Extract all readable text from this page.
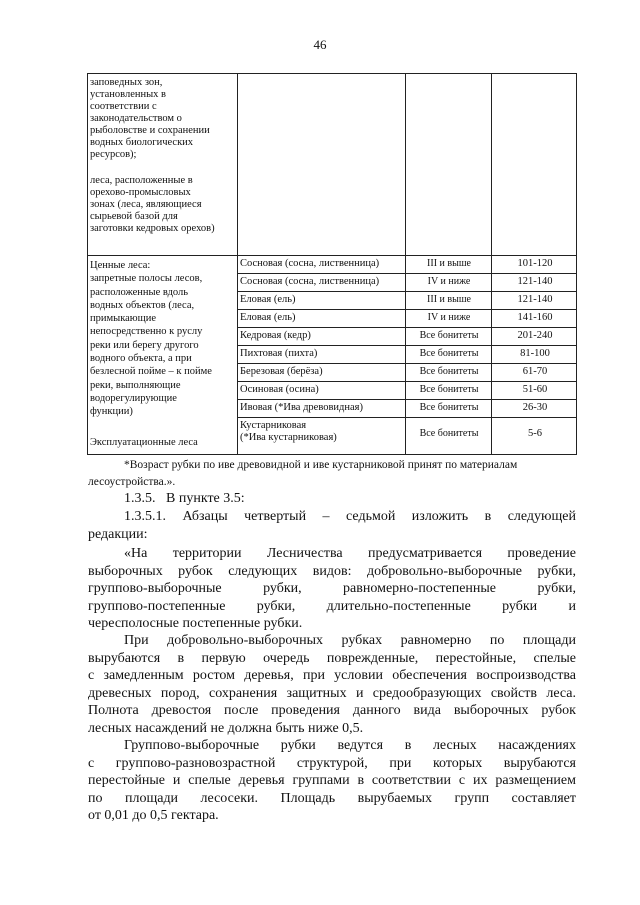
46
заповедных зон,
установленных в
соответствии с
законодательством о
рыболовстве и сохранении
водных биологических
ресурсов);
леса, расположенные в
орехово-промысловых
зонах (леса, являющиеся
сырьевой базой для
заготовки кедровых орехов)
Ценные леса:
запретные полосы лесов,
расположенные вдоль
водных объектов (леса,
примыкающие
непосредственно к руслу
реки или берегу другого
водного объекта, а при
безлесной пойме – к пойме
реки, выполняющие
водорегулирующие
функции)
Эксплуатационные леса
Сосновая (сосна, лиственница)	III и выше	101-120
Сосновая (сосна, лиственница)	IV и ниже	121-140
Еловая (ель)	III и выше	121-140
Еловая (ель)	IV и ниже	141-160
Кедровая (кедр)	Все бонитеты	201-240
Пихтовая (пихта)	Все бонитеты	81-100
Березовая (берёза)	Все бонитеты	61-70
Осиновая (осина)	Все бонитеты	51-60
Ивовая (*Ива древовидная)	Все бонитеты	26-30
Кустарниковая
(*Ива кустарниковая)	Все бонитеты	5-6
*Возраст рубки по иве древовидной и иве кустарниковой принят по материалам
лесоустройства.».
1.3.5.   В пункте 3.5:
1.3.5.1. Абзацы четвертый – седьмой изложить в следующей
редакции:
«На территории Лесничества предусматривается проведение
выборочных рубок следующих видов: добровольно-выборочные рубки,
группово-выборочные рубки, равномерно-постепенные рубки,
группово-постепенные рубки, длительно-постепенные рубки и
чересполосные постепенные рубки.
При добровольно-выборочных рубках равномерно по площади
вырубаются в первую очередь поврежденные, перестойные, спелые
с замедленным ростом деревья, при условии обеспечения воспроизводства
древесных пород, сохранения защитных и средообразующих свойств леса.
Полнота древостоя после проведения данного вида выборочных рубок
лесных насаждений не должна быть ниже 0,5.
Группово-выборочные рубки ведутся в лесных насаждениях
с группово-разновозрастной структурой, при которых вырубаются
перестойные и спелые деревья группами в соответствии с их размещением
по площади лесосеки. Площадь вырубаемых групп составляет
от 0,01 до 0,5 гектара.
